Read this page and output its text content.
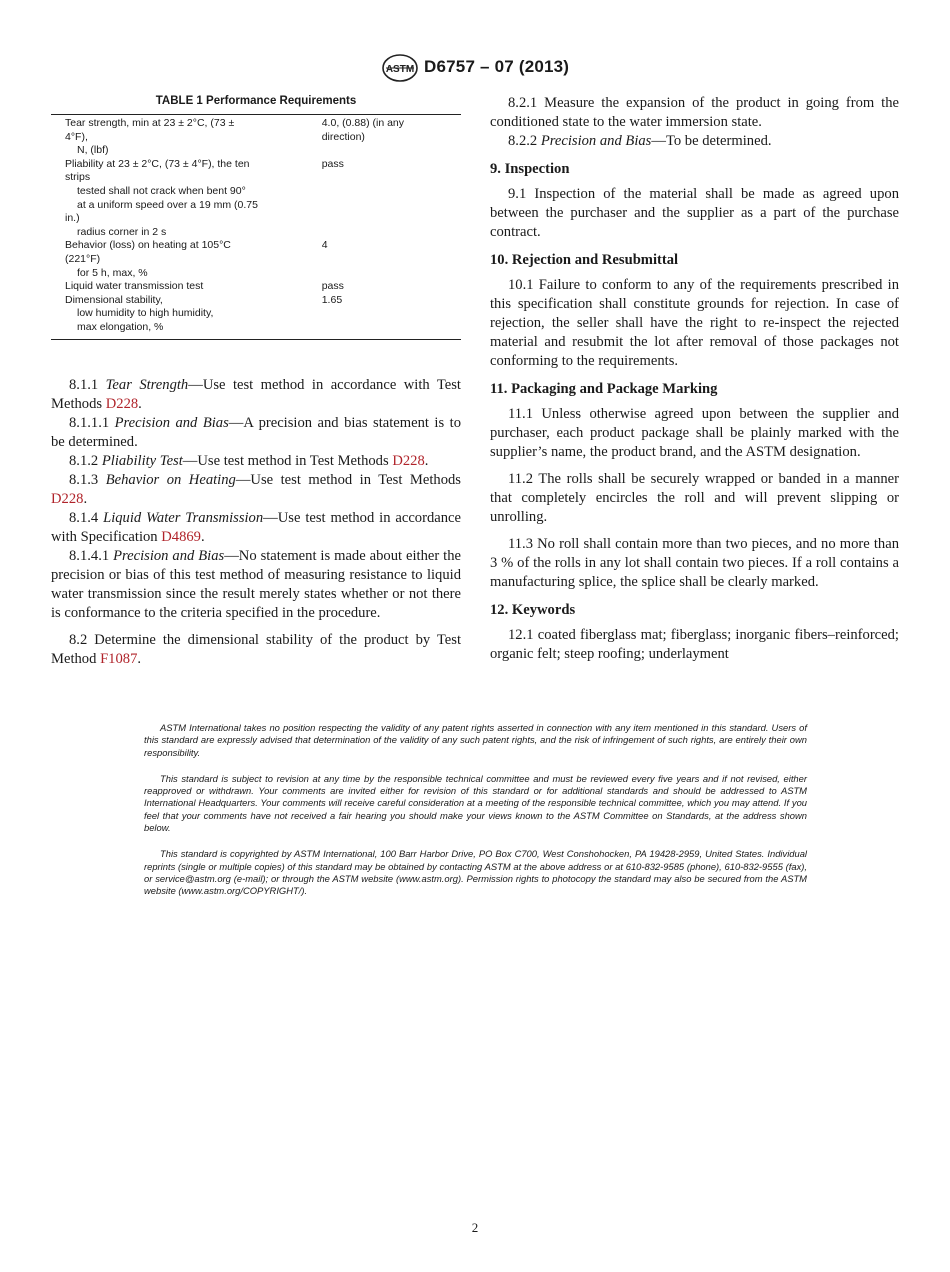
ASTM D6757 – 07 (2013)
TABLE 1 Performance Requirements
Tear strength, min at 23 ± 2°C, (73 ±
4°F),
N, (lbf)
4.0, (0.88) (in any
direction)
Pliability at 23 ± 2°C, (73 ± 4°F), the ten
strips
tested shall not crack when bent 90°
at a uniform speed over a 19 mm (0.75
in.)
radius corner in 2 s
pass
Behavior (loss) on heating at 105°C
(221°F)
for 5 h, max, %
4
Liquid water transmission test	pass
Dimensional stability,
low humidity to high humidity,
max elongation, %
1.65

8.1.1 Tear Strength—Use test method in accordance with Test Methods D228.

8.1.1.1 Precision and Bias—A precision and bias statement is to be determined.

8.1.2 Pliability Test—Use test method in Test Methods D228.

8.1.3 Behavior on Heating—Use test method in Test Methods D228.

8.1.4 Liquid Water Transmission—Use test method in accordance with Specification D4869.

8.1.4.1 Precision and Bias—No statement is made about either the precision or bias of this test method of measuring resistance to liquid water transmission since the result merely states whether or not there is conformance to the criteria specified in the procedure.

8.2 Determine the dimensional stability of the product by Test Method F1087.

8.2.1 Measure the expansion of the product in going from the conditioned state to the water immersion state.

8.2.2 Precision and Bias—To be determined.

9. Inspection

9.1 Inspection of the material shall be made as agreed upon between the purchaser and the supplier as a part of the purchase contract.

10. Rejection and Resubmittal

10.1 Failure to conform to any of the requirements prescribed in this specification shall constitute grounds for rejection. In case of rejection, the seller shall have the right to re-inspect the rejected material and resubmit the lot after removal of those packages not conforming to the requirements.

11. Packaging and Package Marking

11.1 Unless otherwise agreed upon between the supplier and purchaser, each product package shall be plainly marked with the supplier’s name, the product brand, and the ASTM designation.

11.2 The rolls shall be securely wrapped or banded in a manner that completely encircles the roll and will prevent slipping or unrolling.

11.3 No roll shall contain more than two pieces, and no more than 3 % of the rolls in any lot shall contain two pieces. If a roll contains a manufacturing splice, the splice shall be clearly marked.

12. Keywords

12.1 coated fiberglass mat; fiberglass; inorganic fibers–reinforced; organic felt; steep roofing; underlayment

ASTM International takes no position respecting the validity of any patent rights asserted in connection with any item mentioned in this standard. Users of this standard are expressly advised that determination of the validity of any such patent rights, and the risk of infringement of such rights, are entirely their own responsibility.

This standard is subject to revision at any time by the responsible technical committee and must be reviewed every five years and if not revised, either reapproved or withdrawn. Your comments are invited either for revision of this standard or for additional standards and should be addressed to ASTM International Headquarters. Your comments will receive careful consideration at a meeting of the responsible technical committee, which you may attend. If you feel that your comments have not received a fair hearing you should make your views known to the ASTM Committee on Standards, at the address shown below.

This standard is copyrighted by ASTM International, 100 Barr Harbor Drive, PO Box C700, West Conshohocken, PA 19428-2959, United States. Individual reprints (single or multiple copies) of this standard may be obtained by contacting ASTM at the above address or at 610-832-9585 (phone), 610-832-9555 (fax), or service@astm.org (e-mail); or through the ASTM website (www.astm.org). Permission rights to photocopy the standard may also be secured from the ASTM website (www.astm.org/COPYRIGHT/).

2
